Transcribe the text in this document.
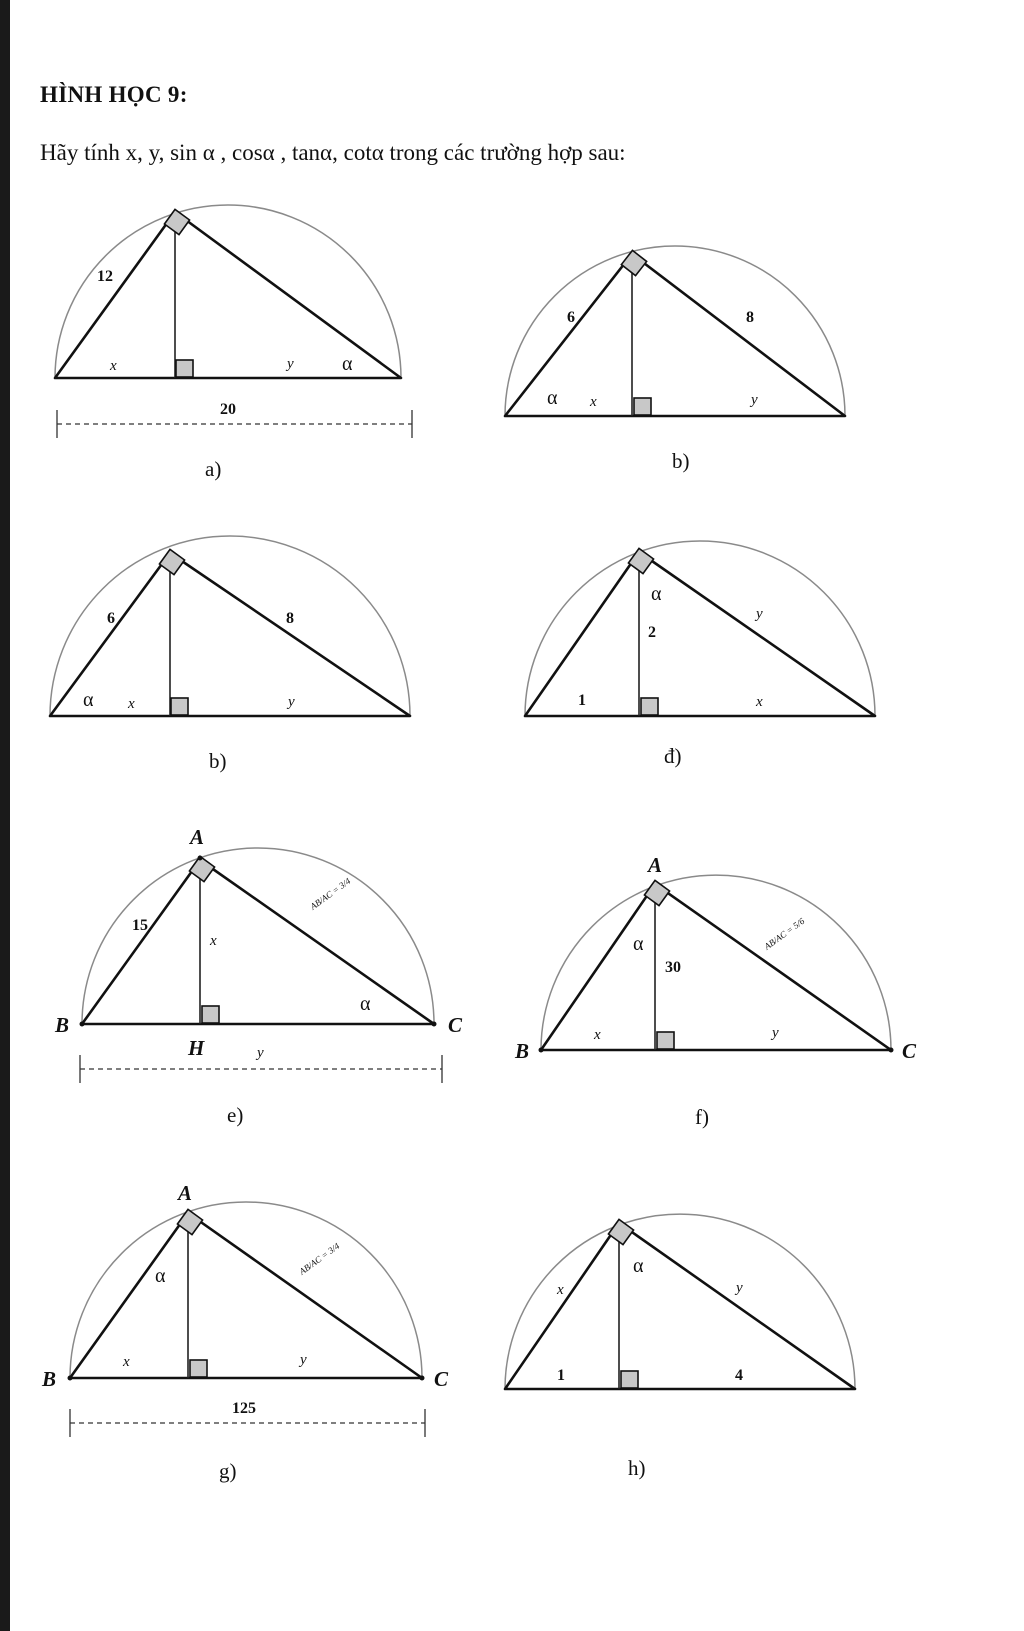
HÌNH HỌC 9:
Hãy tính x, y, sin α , cosα , tanα, cotα trong các trường hợp sau:
12
x	y α
20
a)
6	8
α x	y
b)
6	8
α x	y
b)
α
2
y
1	x
đ)
A
B	C
H
15
x
AB/AC = 3/4
α
y
e)
A
B	C
α
30
AB/AC = 5/6
x	y
f)
A
B	C
α	AB/AC = 3/4
x	y
125
g)
α
x	y
1	4
h)
